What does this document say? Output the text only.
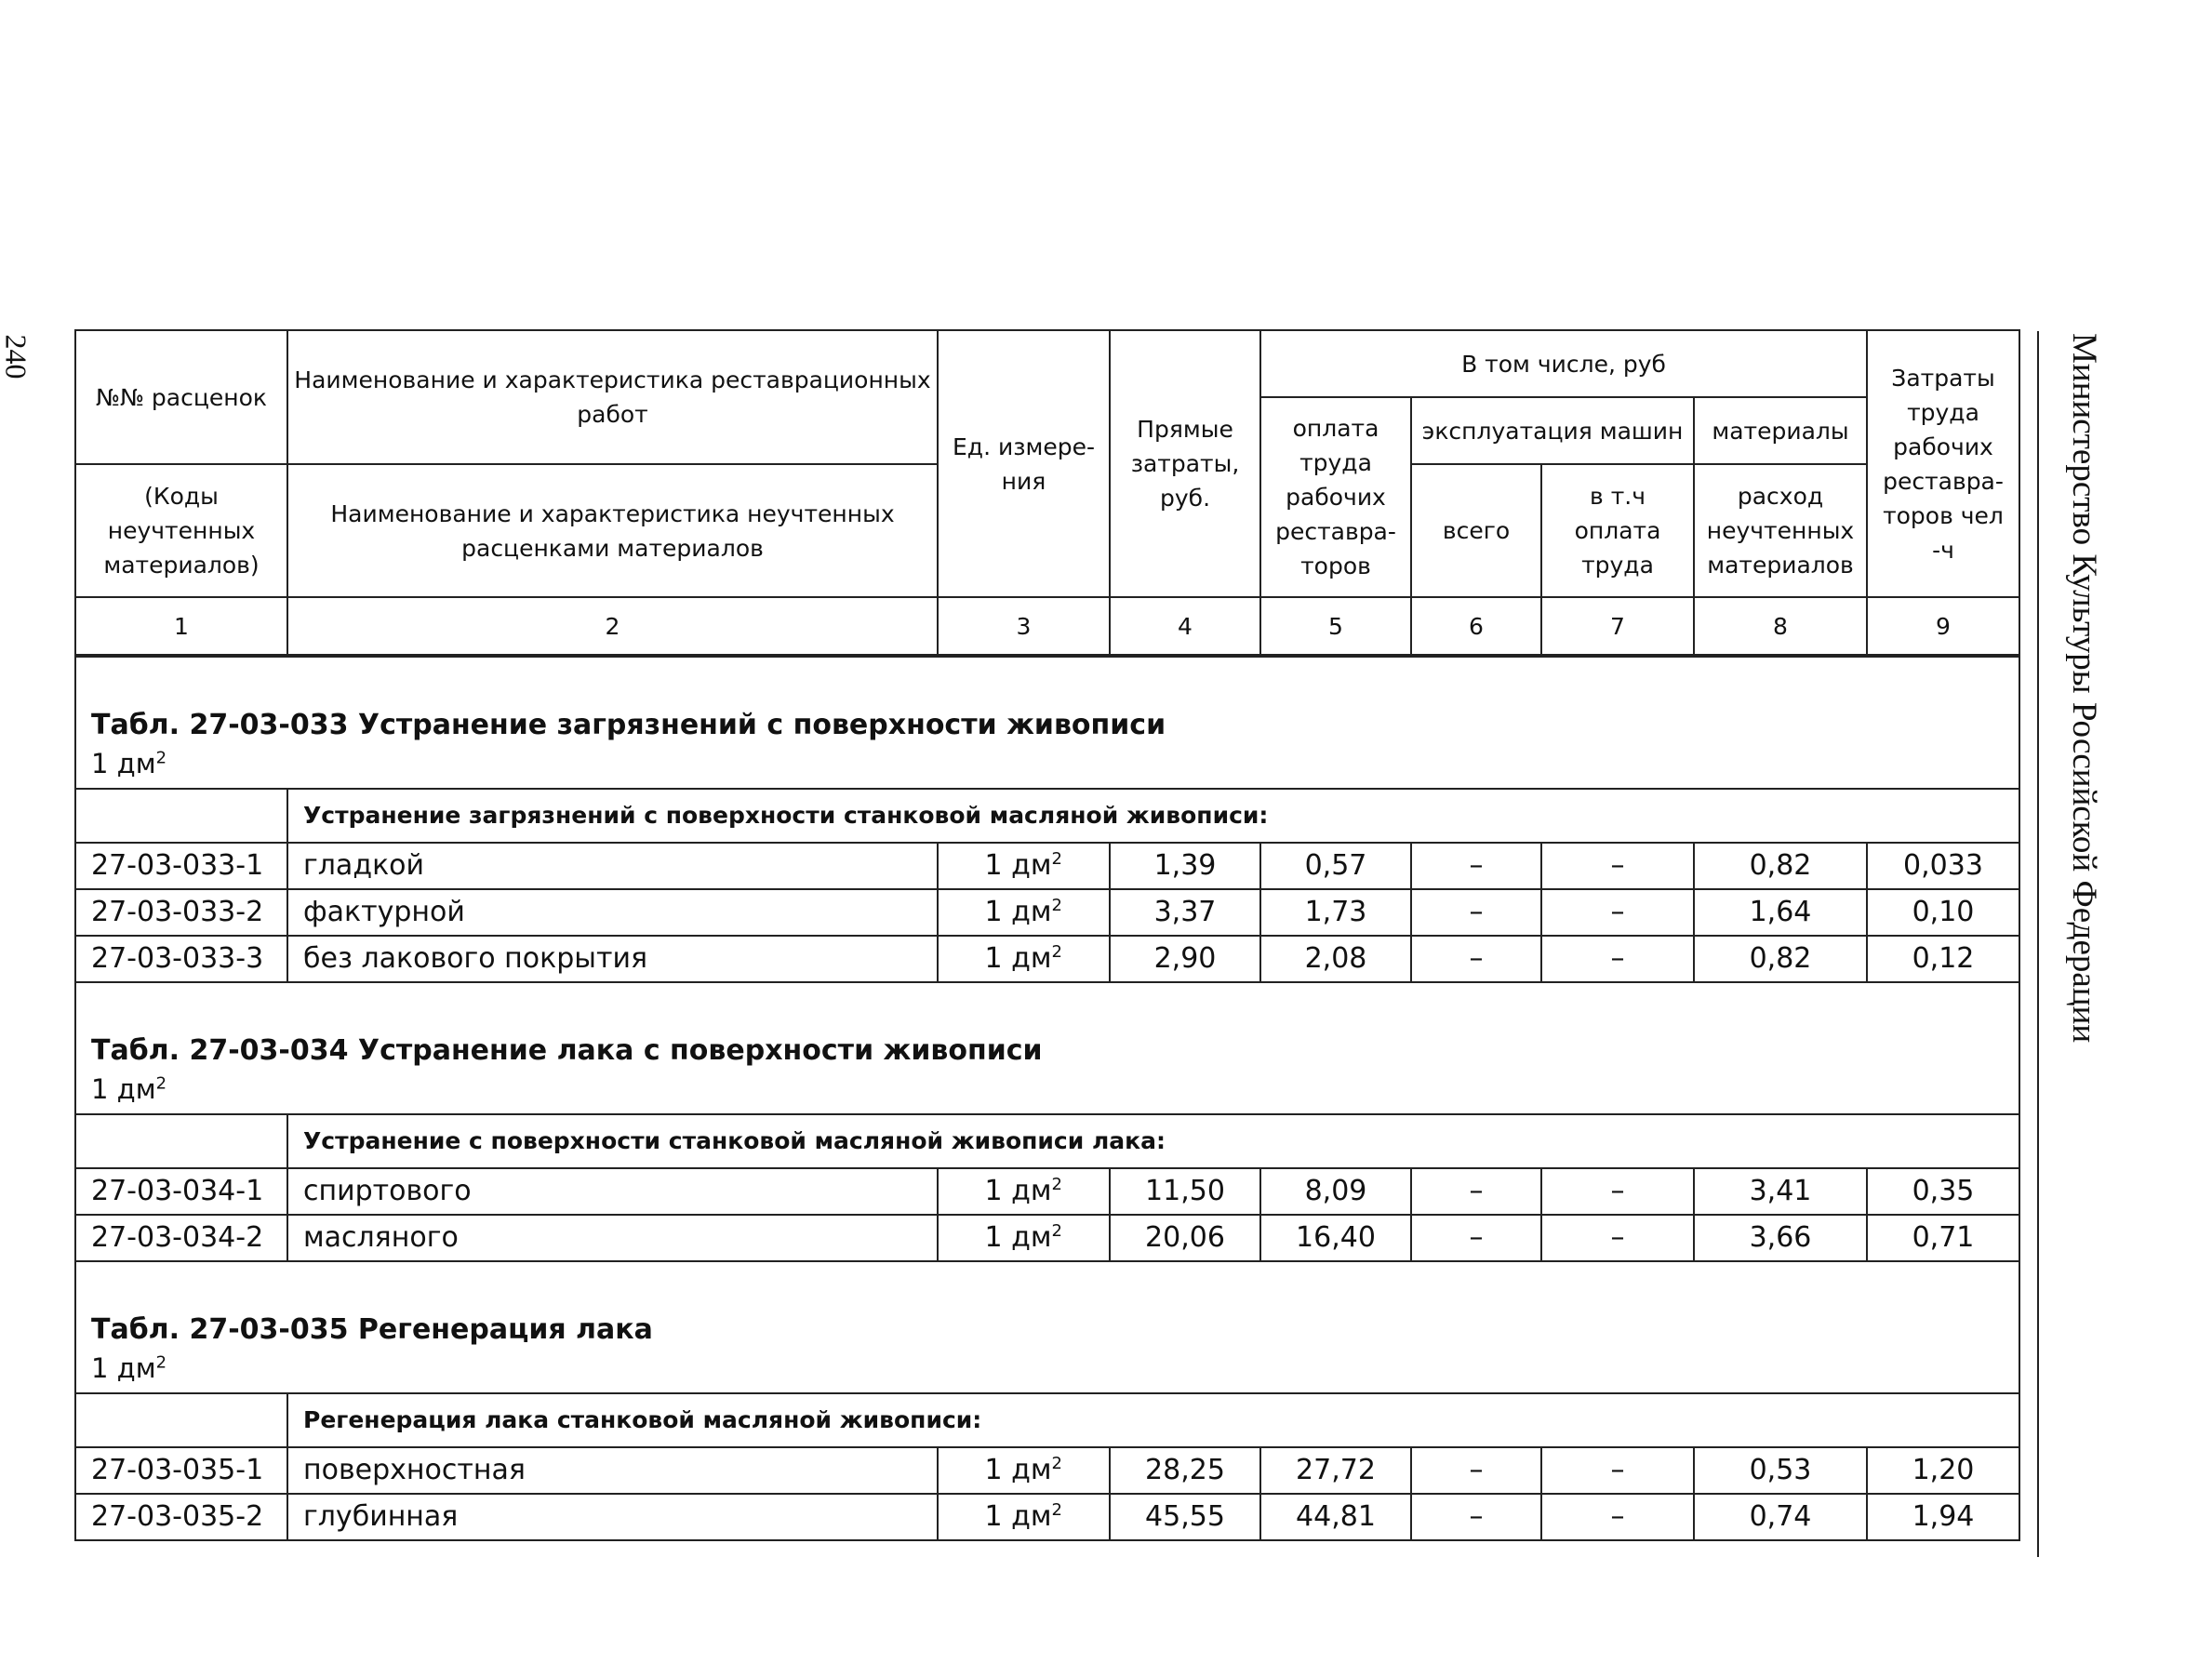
240	Министерство Культуры Российской Федерации
№№ расценок	Наименование и характеристика реставрационных работ	Ед. измере-ния	Прямые затраты, руб.	В том числе, руб				Затраты труда рабочих реставра-торов чел -ч
				оплата труда рабочих реставра-торов	эксплуатация машин		материалы	
(Коды неучтенных материалов)	Наименование и характеристика неучтенных расценками материалов				всего	в т.ч оплата труда	расход неучтенных материалов	
1	2	3	4	5	6	7	8	9

Табл. 27-03-033 Устранение загрязнений с поверхности живописи
1 $дм^2$

	Устранение загрязнений с поверхности станковой масляной живописи:							
27-03-033-1	гладкой	1 $дм^2$	1,39	0,57	–	–	0,82	0,033
27-03-033-2	фактурной	1 $дм^2$	3,37	1,73	–	–	1,64	0,10
27-03-033-3	без лакового покрытия	1 $дм^2$	2,90	2,08	–	–	0,82	0,12

Табл. 27-03-034 Устранение лака с поверхности живописи
1 $дм^2$

	Устранение с поверхности станковой масляной живописи лака:							
27-03-034-1	спиртового	1 $дм^2$	11,50	8,09	–	–	3,41	0,35
27-03-034-2	масляного	1 $дм^2$	20,06	16,40	–	–	3,66	0,71

Табл. 27-03-035 Регенерация лака
1 $дм^2$

	Регенерация лака станковой масляной живописи:							
27-03-035-1	поверхностная	1 $дм^2$	28,25	27,72	–	–	0,53	1,20
27-03-035-2	глубинная	1 $дм^2$	45,55	44,81	–	–	0,74	1,94
